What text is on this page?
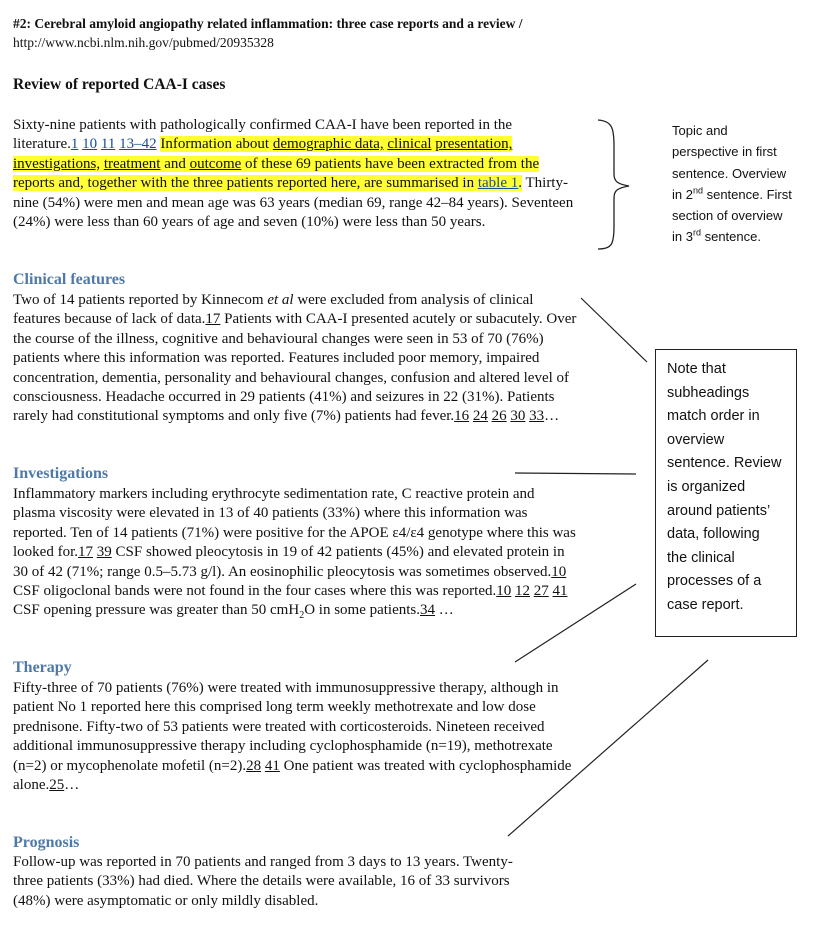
#2: Cerebral amyloid angiopathy related inflammation: three case reports and a review /
http://www.ncbi.nlm.nih.gov/pubmed/20935328
Review of reported CAA-I cases
Sixty-nine patients with pathologically confirmed CAA-I have been reported in the literature.1 10 11 13–42 Information about demographic data, clinical presentation, investigations, treatment and outcome of these 69 patients have been extracted from the reports and, together with the three patients reported here, are summarised in table 1. Thirty-nine (54%) were men and mean age was 63 years (median 69, range 42–84 years). Seventeen (24%) were less than 60 years of age and seven (10%) were less than 50 years.
Clinical features
Two of 14 patients reported by Kinnecom et al were excluded from analysis of clinical features because of lack of data.17 Patients with CAA-I presented acutely or subacutely. Over the course of the illness, cognitive and behavioural changes were seen in 53 of 70 (76%) patients where this information was reported. Features included poor memory, impaired concentration, dementia, personality and behavioural changes, confusion and altered level of consciousness. Headache occurred in 29 patients (41%) and seizures in 22 (31%). Patients rarely had constitutional symptoms and only five (7%) patients had fever.16 24 26 30 33…
Investigations
Inflammatory markers including erythrocyte sedimentation rate, C reactive protein and plasma viscosity were elevated in 13 of 40 patients (33%) where this information was reported. Ten of 14 patients (71%) were positive for the APOE ε4/ε4 genotype where this was looked for.17 39 CSF showed pleocytosis in 19 of 42 patients (45%) and elevated protein in 30 of 42 (71%; range 0.5–5.73 g/l). An eosinophilic pleocytosis was sometimes observed.10 CSF oligoclonal bands were not found in the four cases where this was reported.10 12 27 41 CSF opening pressure was greater than 50 cmH$_2$O in some patients.34 …
Therapy
Fifty-three of 70 patients (76%) were treated with immunosuppressive therapy, although in patient No 1 reported here this comprised long term weekly methotrexate and low dose prednisone. Fifty-two of 53 patients were treated with corticosteroids. Nineteen received additional immunosuppressive therapy including cyclophosphamide (n=19), methotrexate (n=2) or mycophenolate mofetil (n=2).28 41 One patient was treated with cyclophosphamide alone.25…
Prognosis
Follow-up was reported in 70 patients and ranged from 3 days to 13 years. Twenty-three patients (33%) had died. Where the details were available, 16 of 33 survivors (48%) were asymptomatic or only mildly disabled.
Topic and
perspective in first
sentence. Overview
in 2nd sentence. First
section of overview
in 3rd sentence.
Note that
subheadings
match order in
overview
sentence. Review
is organized
around patients’
data, following
the clinical
processes of a
case report.
